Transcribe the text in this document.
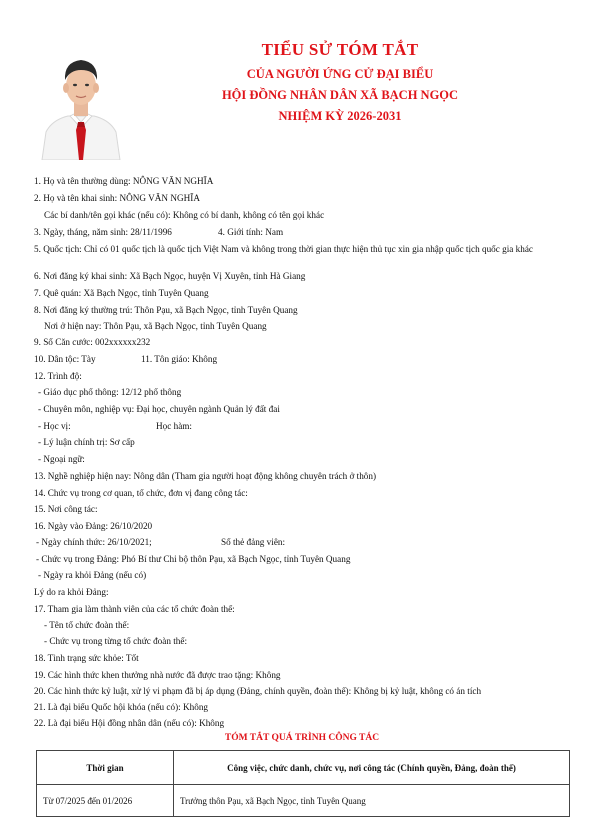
TIỂU SỬ TÓM TẮT
CỦA NGƯỜI ỨNG CỬ ĐẠI BIỂU
HỘI ĐỒNG NHÂN DÂN XÃ BẠCH NGỌC
NHIỆM KỲ 2026-2031
1. Họ và tên thường dùng: NÔNG VĂN NGHĨA
2. Họ và tên khai sinh: NÔNG VĂN NGHĨA
Các bí danh/tên gọi khác (nếu có): Không có bí danh, không có tên gọi khác
3. Ngày, tháng, năm sinh: 28/11/1996	4. Giới tính: Nam
5. Quốc tịch: Chỉ có 01 quốc tịch là quốc tịch Việt Nam và không trong thời gian thực hiện thủ tục xin gia nhập quốc tịch quốc gia khác
6. Nơi đăng ký khai sinh: Xã Bạch Ngọc, huyện Vị Xuyên, tỉnh Hà Giang
7. Quê quán: Xã Bạch Ngọc, tỉnh Tuyên Quang
8. Nơi đăng ký thường trú: Thôn Pạu, xã Bạch Ngọc, tỉnh Tuyên Quang
Nơi ở hiện nay: Thôn Pạu, xã Bạch Ngọc, tỉnh Tuyên Quang
9. Số Căn cước: 002xxxxxx232
10. Dân tộc: Tày	11. Tôn giáo: Không
12. Trình độ:
- Giáo dục phổ thông: 12/12 phổ thông
- Chuyên môn, nghiệp vụ: Đại học, chuyên ngành Quản lý đất đai
- Học vị:	Học hàm:
- Lý luận chính trị: Sơ cấp
- Ngoại ngữ:
13. Nghề nghiệp hiện nay: Nông dân (Tham gia người hoạt động không chuyên trách ở thôn)
14. Chức vụ trong cơ quan, tổ chức, đơn vị đang công tác:
15. Nơi công tác:
16. Ngày vào Đảng: 26/10/2020
- Ngày chính thức: 26/10/2021;	Số thẻ đảng viên:
- Chức vụ trong Đảng: Phó Bí thư Chi bộ thôn Pạu, xã Bạch Ngọc, tỉnh Tuyên Quang
- Ngày ra khỏi Đảng (nếu có)
Lý do ra khỏi Đảng:
17. Tham gia làm thành viên của các tổ chức đoàn thể:
- Tên tổ chức đoàn thể:
- Chức vụ trong từng tổ chức đoàn thể:
18. Tình trạng sức khỏe: Tốt
19. Các hình thức khen thưởng nhà nước đã được trao tặng: Không
20. Các hình thức kỷ luật, xử lý vi phạm đã bị áp dụng (Đảng, chính quyền, đoàn thể): Không bị kỷ luật, không có án tích
21. Là đại biểu Quốc hội khóa (nếu có): Không
22. Là đại biểu Hội đồng nhân dân (nếu có): Không
TÓM TẮT QUÁ TRÌNH CÔNG TÁC
Thời gian	Công việc, chức danh, chức vụ, nơi công tác (Chính quyền, Đảng, đoàn thể)
Từ 07/2025 đến 01/2026	Trưởng thôn Pạu, xã Bạch Ngọc, tỉnh Tuyên Quang
